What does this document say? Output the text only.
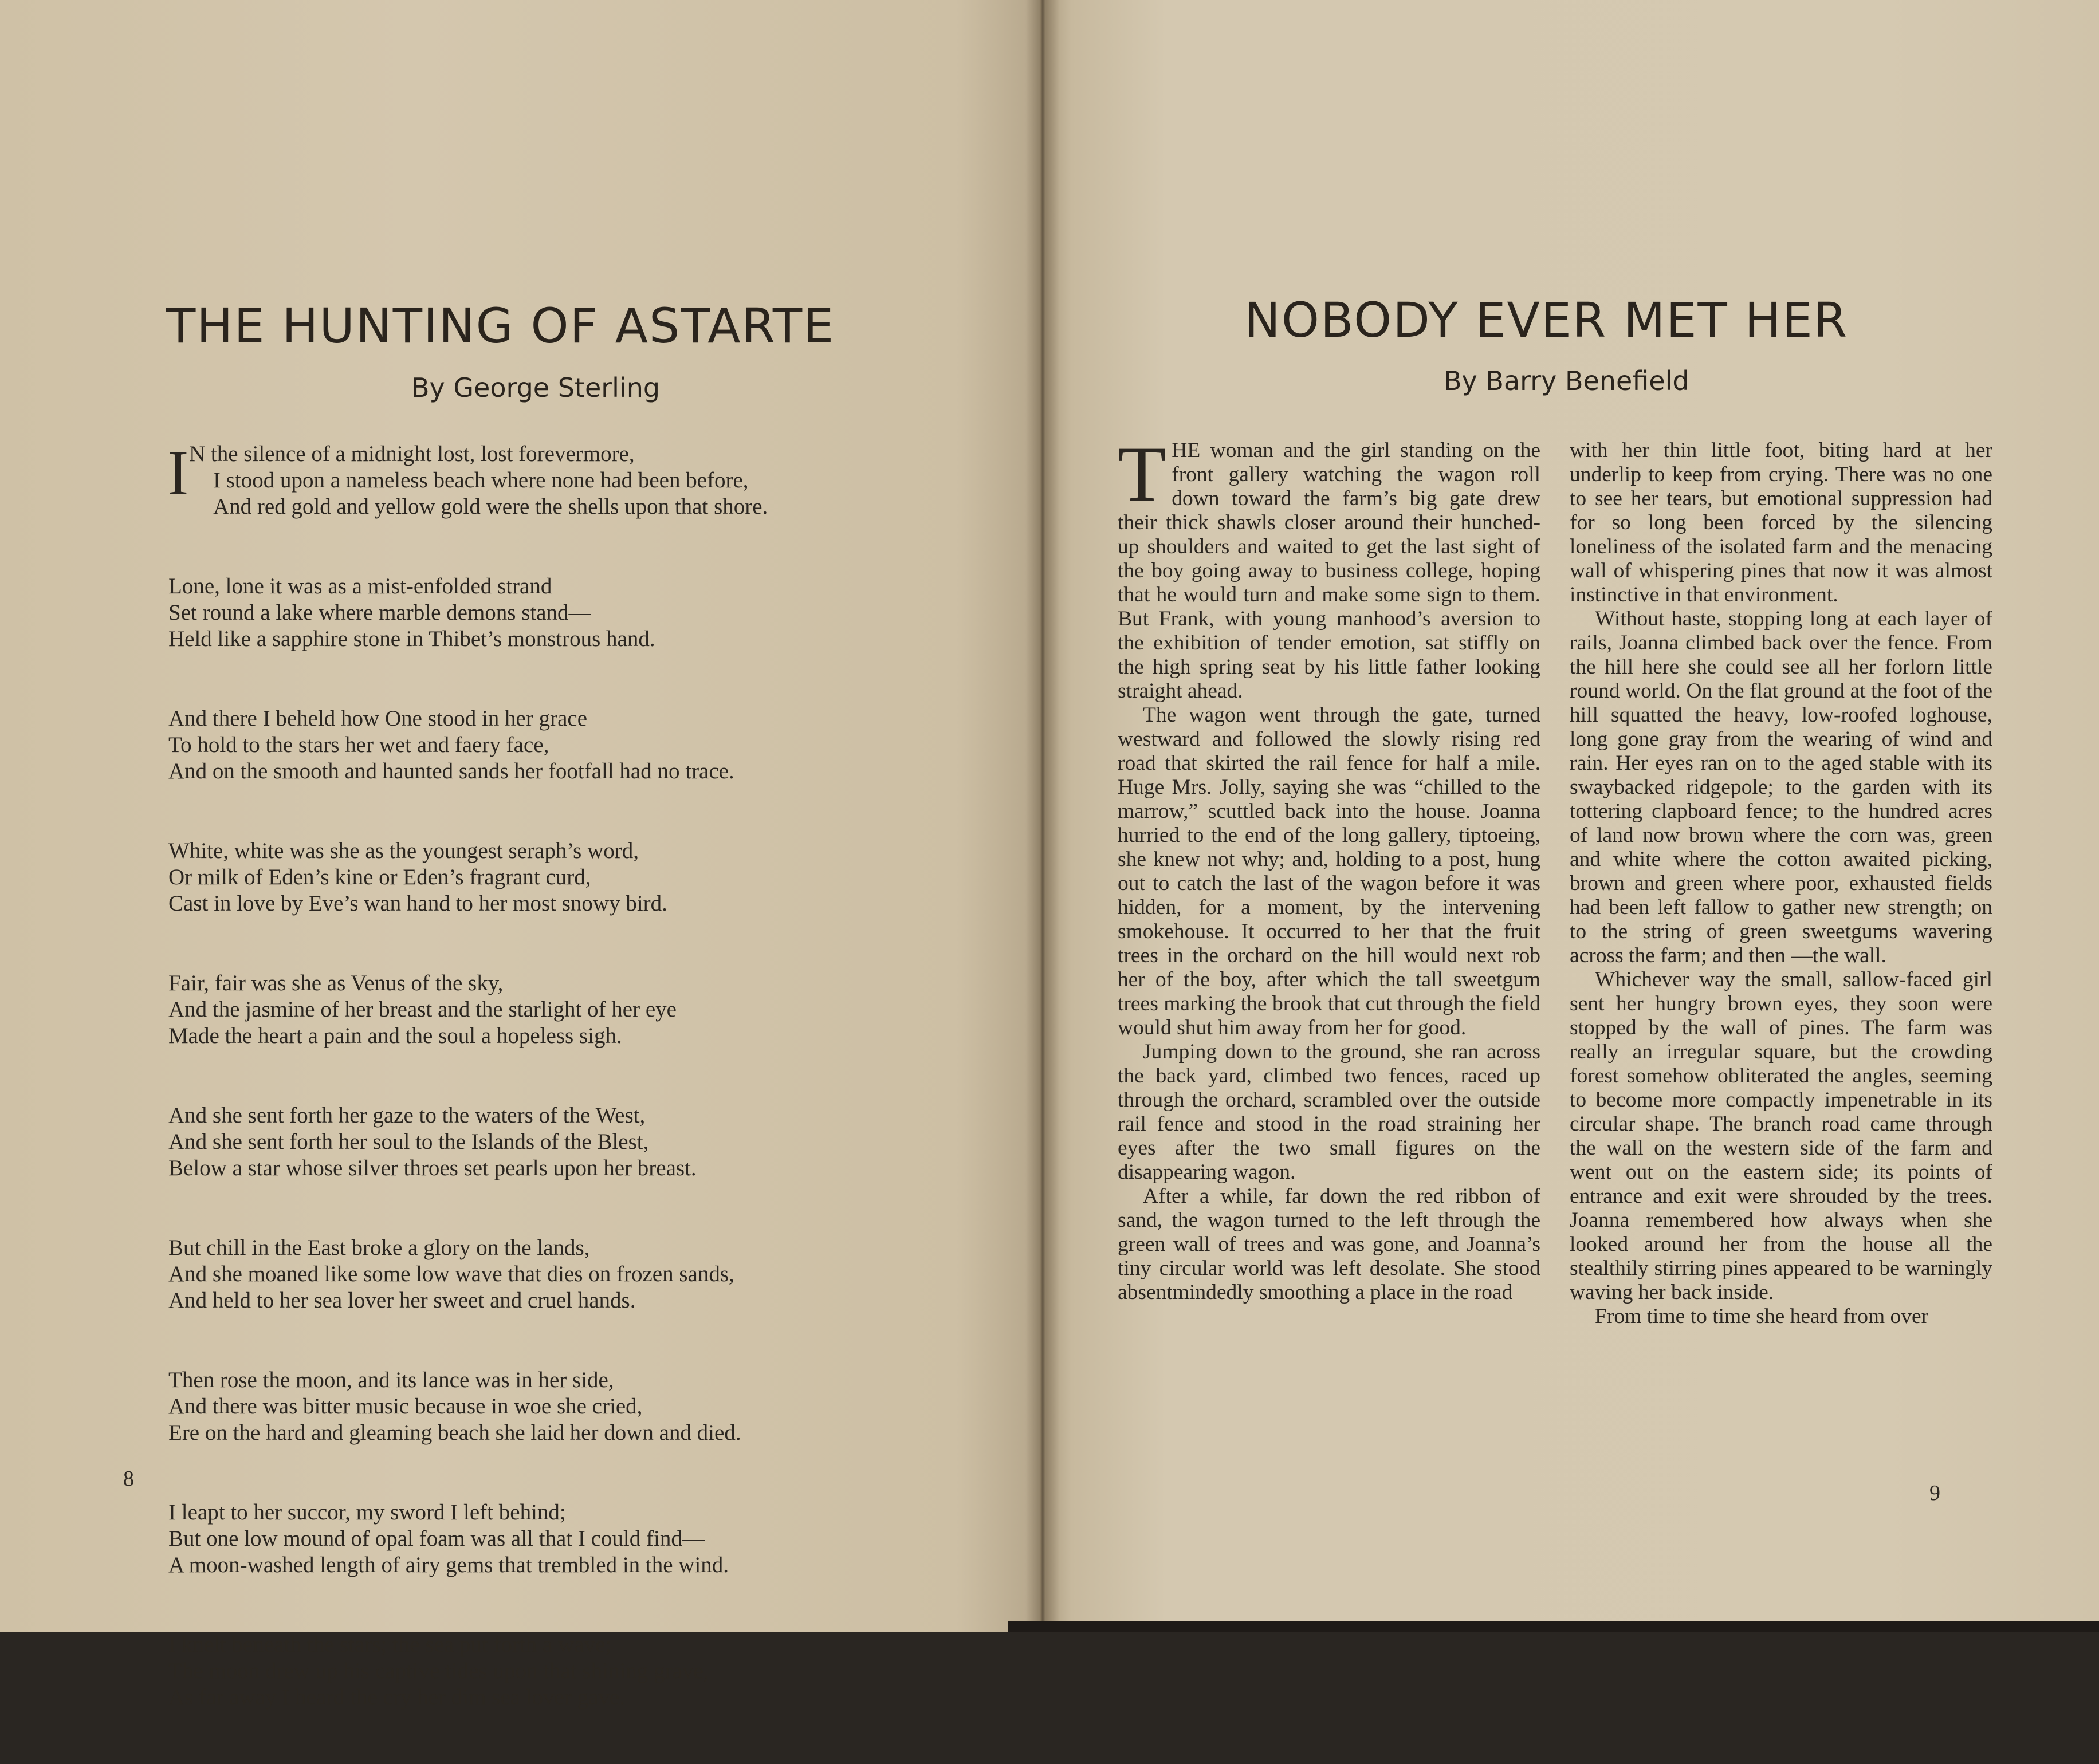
THE HUNTING OF ASTARTE
By George Sterling
I N the silence of a midnight lost, lost forevermore,
I stood upon a nameless beach where none had been before,
And red gold and yellow gold were the shells upon that shore.
Lone, lone it was as a mist-enfolded strand
Set round a lake where marble demons stand—
Held like a sapphire stone in Thibet’s monstrous hand.
And there I beheld how One stood in her grace
To hold to the stars her wet and faery face,
And on the smooth and haunted sands her footfall had no trace.
White, white was she as the youngest seraph’s word,
Or milk of Eden’s kine or Eden’s fragrant curd,
Cast in love by Eve’s wan hand to her most snowy bird.
Fair, fair was she as Venus of the sky,
And the jasmine of her breast and the starlight of her eye
Made the heart a pain and the soul a hopeless sigh.
And she sent forth her gaze to the waters of the West,
And she sent forth her soul to the Islands of the Blest,
Below a star whose silver throes set pearls upon her breast.
But chill in the East broke a glory on the lands,
And she moaned like some low wave that dies on frozen sands,
And held to her sea lover her sweet and cruel hands.
Then rose the moon, and its lance was in her side,
And there was bitter music because in woe she cried,
Ere on the hard and gleaming beach she laid her down and died.
I leapt to her succor, my sword I left behind;
But one low mound of opal foam was all that I could find—
A moon-washed length of airy gems that trembled in the wind.
I knelt beneath the stars; the sea put forth a wave;
The moon drew up his captive tides upon that shining grave,
As far away I heard the cry her dim sea lover gave.
8
NOBODY EVER MET HER
By Barry Benefield

THE woman and the girl standing on the front gallery watching the wagon roll down toward the farm’s big gate drew their thick shawls closer around their hunched-up shoulders and waited to get the last sight of the boy going away to business college, hoping that he would turn and make some sign to them. But Frank, with young manhood’s aversion to the exhibition of tender emotion, sat stiffly on the high spring seat by his little father looking straight ahead.

The wagon went through the gate, turned westward and followed the slowly rising red road that skirted the rail fence for half a mile. Huge Mrs. Jolly, saying she was “chilled to the marrow,” scuttled back into the house. Joanna hurried to the end of the long gallery, tiptoeing, she knew not why; and, holding to a post, hung out to catch the last of the wagon before it was hidden, for a moment, by the intervening smokehouse. It occurred to her that the fruit trees in the orchard on the hill would next rob her of the boy, after which the tall sweetgum trees marking the brook that cut through the field would shut him away from her for good.

Jumping down to the ground, she ran across the back yard, climbed two fences, raced up through the orchard, scrambled over the outside rail fence and stood in the road straining her eyes after the two small figures on the disappearing wagon.

After a while, far down the red ribbon of sand, the wagon turned to the left through the green wall of trees and was gone, and Joanna’s tiny circular world was left desolate. She stood absentmindedly smoothing a place in the road

with her thin little foot, biting hard at her underlip to keep from crying. There was no one to see her tears, but emotional suppression had for so long been forced by the silencing loneliness of the isolated farm and the menacing wall of whispering pines that now it was almost instinctive in that environment.

Without haste, stopping long at each layer of rails, Joanna climbed back over the fence. From the hill here she could see all her forlorn little round world. On the flat ground at the foot of the hill squatted the heavy, low-roofed loghouse, long gone gray from the wearing of wind and rain. Her eyes ran on to the aged stable with its swaybacked ridgepole; to the garden with its tottering clapboard fence; to the hundred acres of land now brown where the corn was, green and white where the cotton awaited picking, brown and green where poor, exhausted fields had been left fallow to gather new strength; on to the string of green sweetgums wavering across the farm; and then —the wall.

Whichever way the small, sallow-faced girl sent her hungry brown eyes, they soon were stopped by the wall of pines. The farm was really an irregular square, but the crowding forest somehow obliterated the angles, seeming to become more compactly impenetrable in its circular shape. The branch road came through the wall on the western side of the farm and went out on the eastern side; its points of entrance and exit were shrouded by the trees. Joanna remembered how always when she looked around her from the house all the stealthily stirring pines appeared to be warningly waving her back inside.

From time to time she heard from over

9
